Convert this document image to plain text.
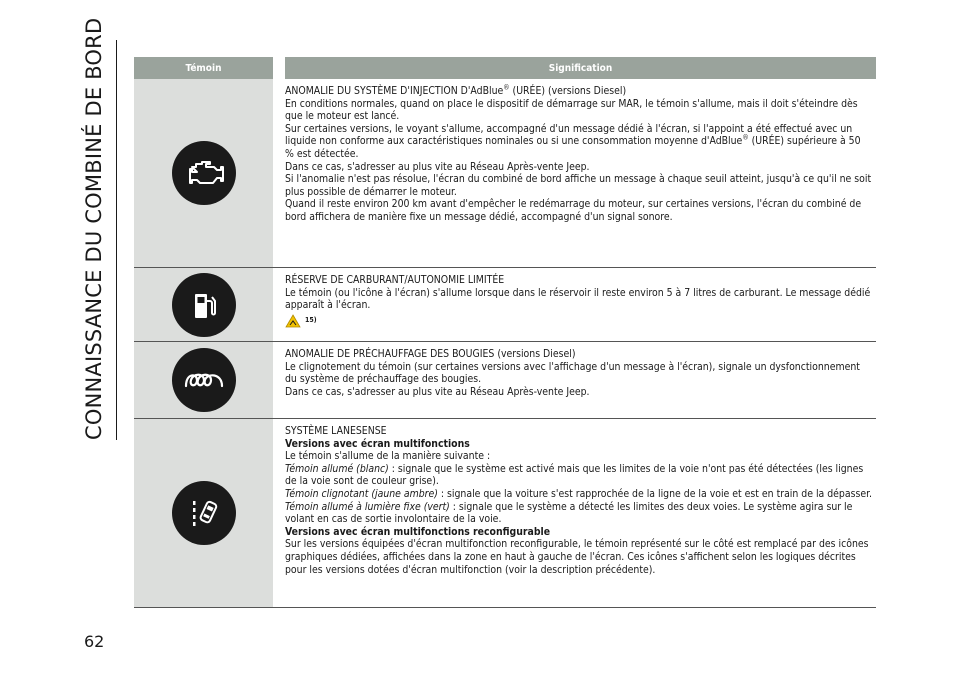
CONNAISSANCE DU COMBINÉ DE BORD	Témoin	Signification

ANOMALIE DU SYSTÈME D'INJECTION D'AdBlue® (URÉE) (versions Diesel)

En conditions normales, quand on place le dispositif de démarrage sur MAR, le témoin s'allume, mais il doit s'éteindre dès que le moteur est lancé.

Sur certaines versions, le voyant s'allume, accompagné d'un message dédié à l'écran, si l'appoint a été effectué avec un liquide non conforme aux caractéristiques nominales ou si une consommation moyenne d'AdBlue® (URÉE) supérieure à 50 % est détectée.

Dans ce cas, s'adresser au plus vite au Réseau Après-vente Jeep.

Si l'anomalie n'est pas résolue, l'écran du combiné de bord affiche un message à chaque seuil atteint, jusqu'à ce qu'il ne soit plus possible de démarrer le moteur.

Quand il reste environ 200 km avant d'empêcher le redémarrage du moteur, sur certaines versions, l'écran du combiné de bord affichera de manière fixe un message dédié, accompagné d'un signal sonore.

RÉSERVE DE CARBURANT/AUTONOMIE LIMITÉE

Le témoin (ou l'icône à l'écran) s'allume lorsque dans le réservoir il reste environ 5 à 7 litres de carburant. Le message dédié apparaît à l'écran.

15)

ANOMALIE DE PRÉCHAUFFAGE DES BOUGIES (versions Diesel)

Le clignotement du témoin (sur certaines versions avec l'affichage d'un message à l'écran), signale un dysfonctionnement du système de préchauffage des bougies.

Dans ce cas, s'adresser au plus vite au Réseau Après-vente Jeep.

SYSTÈME LANESENSE

Versions avec écran multifonctions

Le témoin s'allume de la manière suivante :

Témoin allumé (blanc) : signale que le système est activé mais que les limites de la voie n'ont pas été détectées (les lignes de la voie sont de couleur grise).

Témoin clignotant (jaune ambre) : signale que la voiture s'est rapprochée de la ligne de la voie et est en train de la dépasser.

Témoin allumé à lumière fixe (vert) : signale que le système a détecté les limites des deux voies. Le système agira sur le volant en cas de sortie involontaire de la voie.

Versions avec écran multifonctions reconfigurable

Sur les versions équipées d'écran multifonction reconfigurable, le témoin représenté sur le côté est remplacé par des icônes graphiques dédiées, affichées dans la zone en haut à gauche de l'écran. Ces icônes s'affichent selon les logiques décrites pour les versions dotées d'écran multifonction (voir la description précédente).

62
